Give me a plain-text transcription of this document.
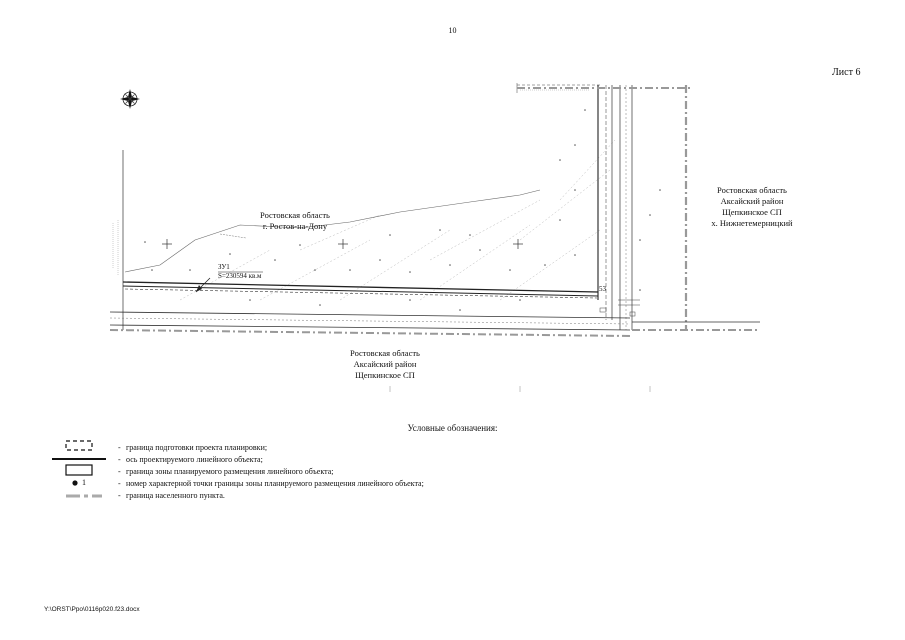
10
Лист 6
Ростовская область
г. Ростов-на-Дону
Ростовская область
Аксайский район
Щепкинское СП
Ростовская область
Аксайский район
Щепкинское СП
х. Нижнетемерницкий
ЗУ1
S=230594 кв.м
53
Условные обозначения:
1
- граница подготовки проекта планировки;
- ось проектируемого линейного объекта;
- граница зоны планируемого размещения линейного объекта;
- номер характерной точки границы зоны планируемого размещения линейного объекта;
- граница населенного пункта.
Y:\ORST\Ppo\0116p020.f23.docx
